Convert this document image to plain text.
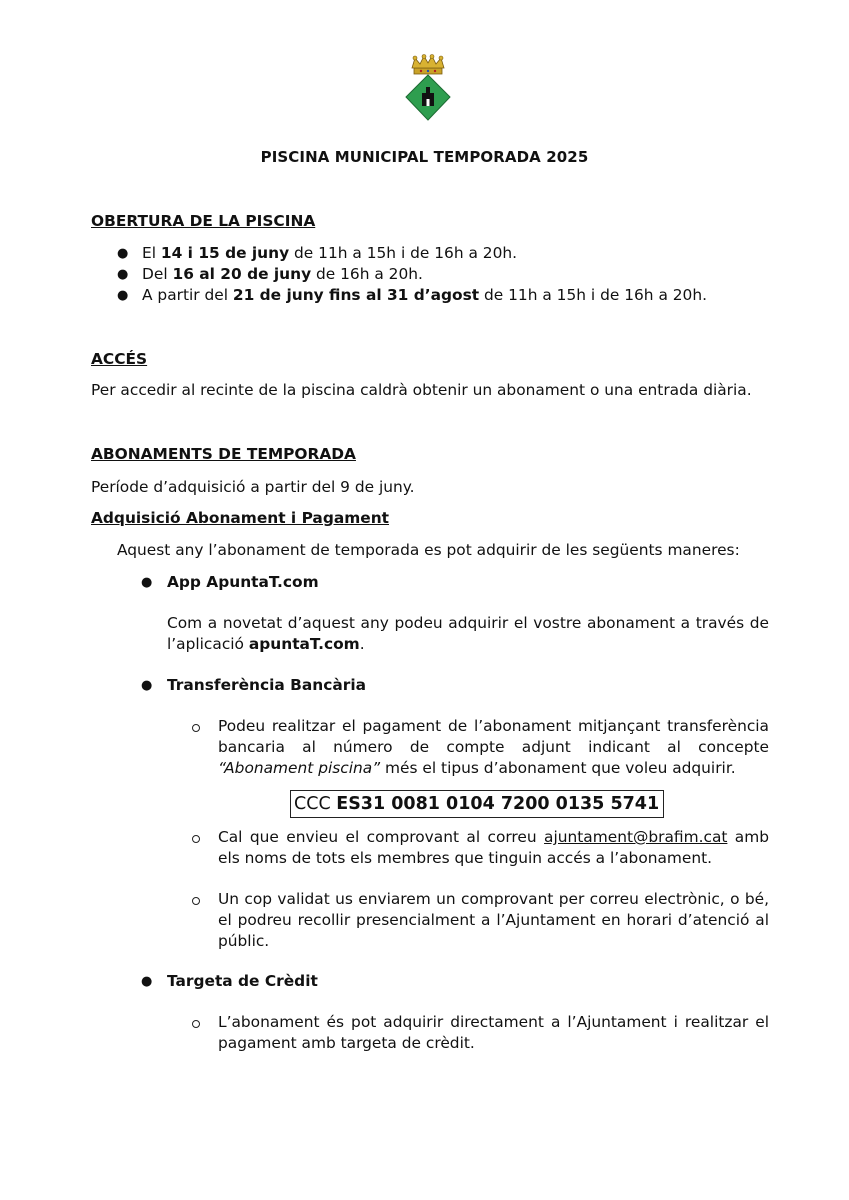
PISCINA MUNICIPAL TEMPORADA 2025
OBERTURA DE LA PISCINA
● El 14 i 15 de juny de 11h a 15h i de 16h a 20h.
● Del 16 al 20 de juny de 16h a 20h.
● A partir del 21 de juny fins al 31 d’agost de 11h a 15h i de 16h a 20h.
ACCÉS
Per accedir al recinte de la piscina caldrà obtenir un abonament o una entrada diària.
ABONAMENTS DE TEMPORADA
Període d’adquisició a partir del 9 de juny.
Adquisició Abonament i Pagament
Aquest any l’abonament de temporada es pot adquirir de les següents maneres:
● App ApuntaT.com
Com a novetat d’aquest any podeu adquirir el vostre abonament a través de l’aplicació apuntaT.com.
● Transferència Bancària
Podeu realitzar el pagament de l’abonament mitjançant transferència bancaria al número de compte adjunt indicant al concepte “Abonament piscina” més el tipus d’abonament que voleu adquirir.
CCC ES31 0081 0104 7200 0135 5741
Cal que envieu el comprovant al correu ajuntament@brafim.cat amb els noms de tots els membres que tinguin accés a l’abonament.
Un cop validat us enviarem un comprovant per correu electrònic, o bé, el podreu recollir presencialment a l’Ajuntament en horari d’atenció al públic.
● Targeta de Crèdit
L’abonament és pot adquirir directament a l’Ajuntament i realitzar el pagament amb targeta de crèdit.
